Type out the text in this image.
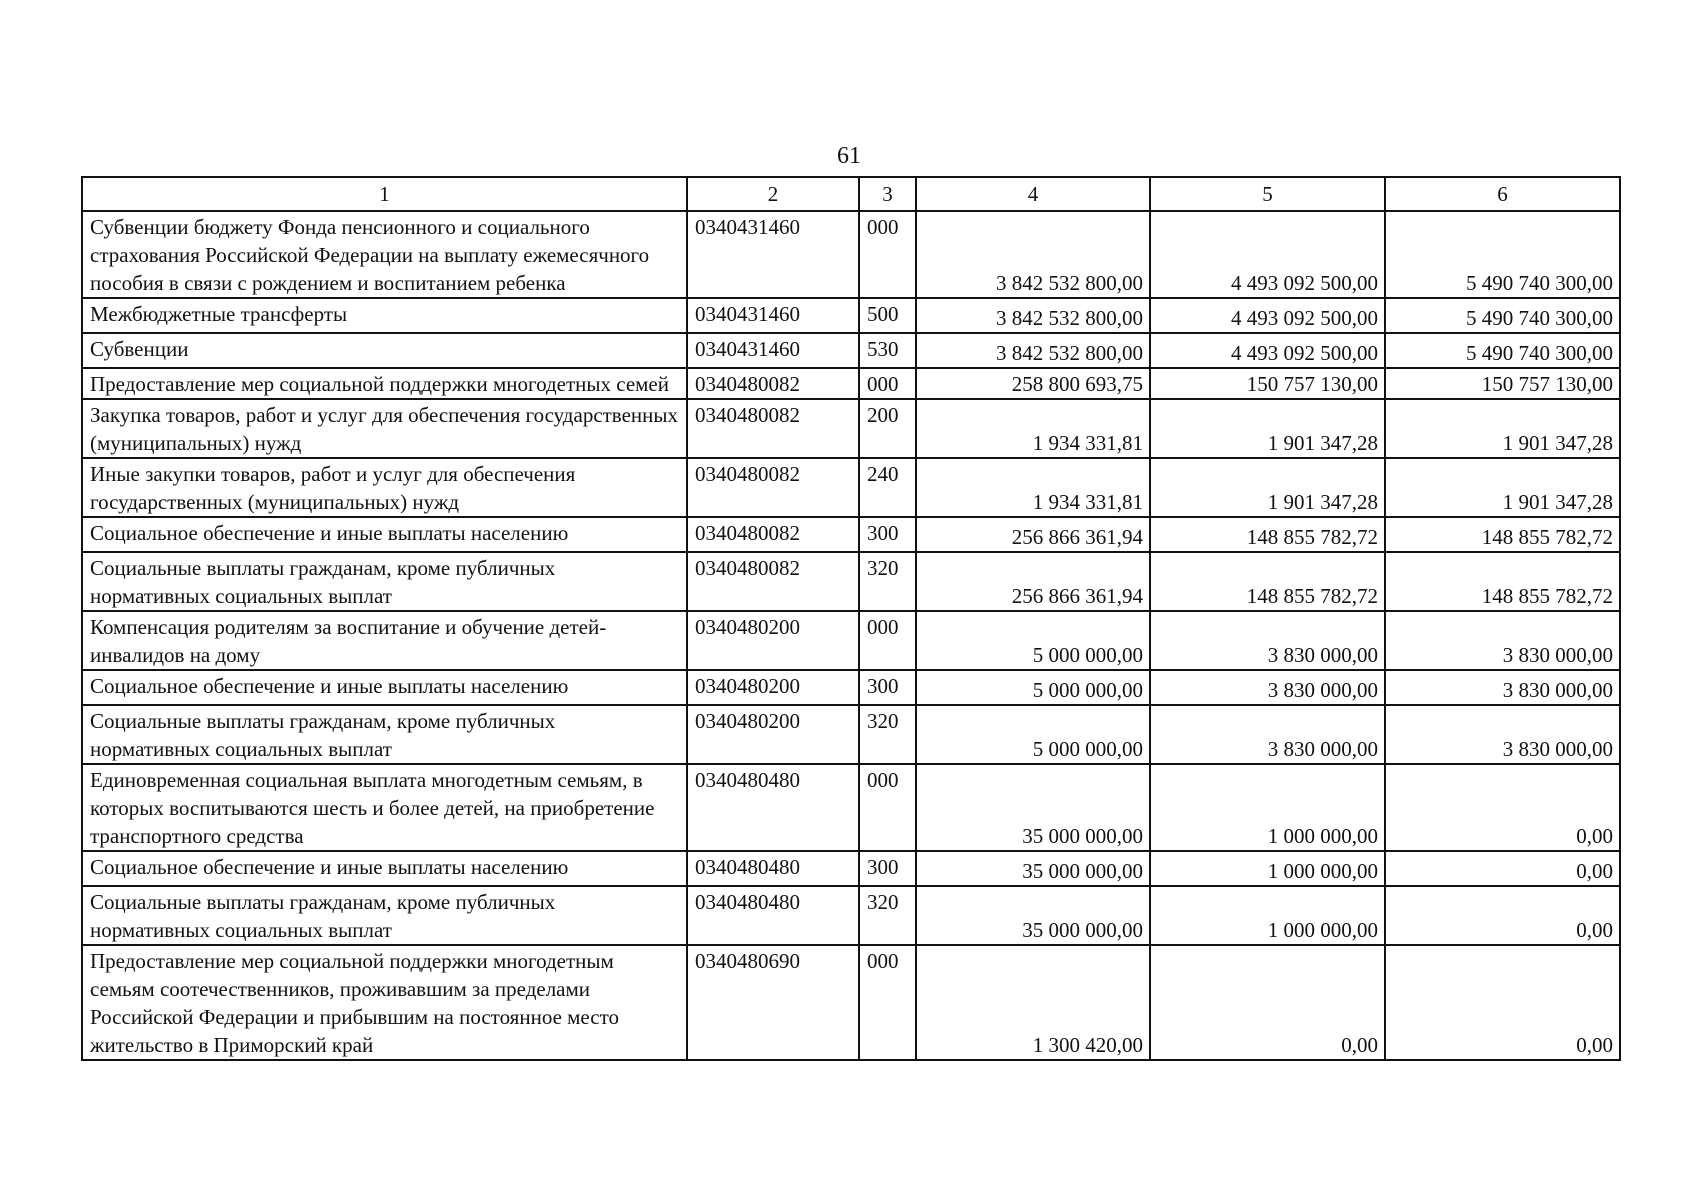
61
1	2	3	4	5	6
Субвенции бюджету Фонда пенсионного и социального страхования Российской Федерации на выплату ежемесячного пособия в связи с рождением и воспитанием ребенка	0340431460	000	3 842 532 800,00	4 493 092 500,00	5 490 740 300,00
Межбюджетные трансферты	0340431460	500	3 842 532 800,00	4 493 092 500,00	5 490 740 300,00
Субвенции	0340431460	530	3 842 532 800,00	4 493 092 500,00	5 490 740 300,00
Предоставление мер социальной поддержки многодетных семей	0340480082	000	258 800 693,75	150 757 130,00	150 757 130,00
Закупка товаров, работ и услуг для обеспечения государственных (муниципальных) нужд	0340480082	200	1 934 331,81	1 901 347,28	1 901 347,28
Иные закупки товаров, работ и услуг для обеспечения государственных (муниципальных) нужд	0340480082	240	1 934 331,81	1 901 347,28	1 901 347,28
Социальное обеспечение и иные выплаты населению	0340480082	300	256 866 361,94	148 855 782,72	148 855 782,72
Социальные выплаты гражданам, кроме публичных нормативных социальных выплат	0340480082	320	256 866 361,94	148 855 782,72	148 855 782,72
Компенсация родителям за воспитание и обучение детей-инвалидов на дому	0340480200	000	5 000 000,00	3 830 000,00	3 830 000,00
Социальное обеспечение и иные выплаты населению	0340480200	300	5 000 000,00	3 830 000,00	3 830 000,00
Социальные выплаты гражданам, кроме публичных нормативных социальных выплат	0340480200	320	5 000 000,00	3 830 000,00	3 830 000,00
Единовременная социальная выплата многодетным семьям, в которых воспитываются шесть и более детей, на приобретение транспортного средства	0340480480	000	35 000 000,00	1 000 000,00	0,00
Социальное обеспечение и иные выплаты населению	0340480480	300	35 000 000,00	1 000 000,00	0,00
Социальные выплаты гражданам, кроме публичных нормативных социальных выплат	0340480480	320	35 000 000,00	1 000 000,00	0,00
Предоставление мер социальной поддержки многодетным семьям соотечественников, проживавшим за пределами Российской Федерации и прибывшим на постоянное место жительство в Приморский край	0340480690	000	1 300 420,00	0,00	0,00
